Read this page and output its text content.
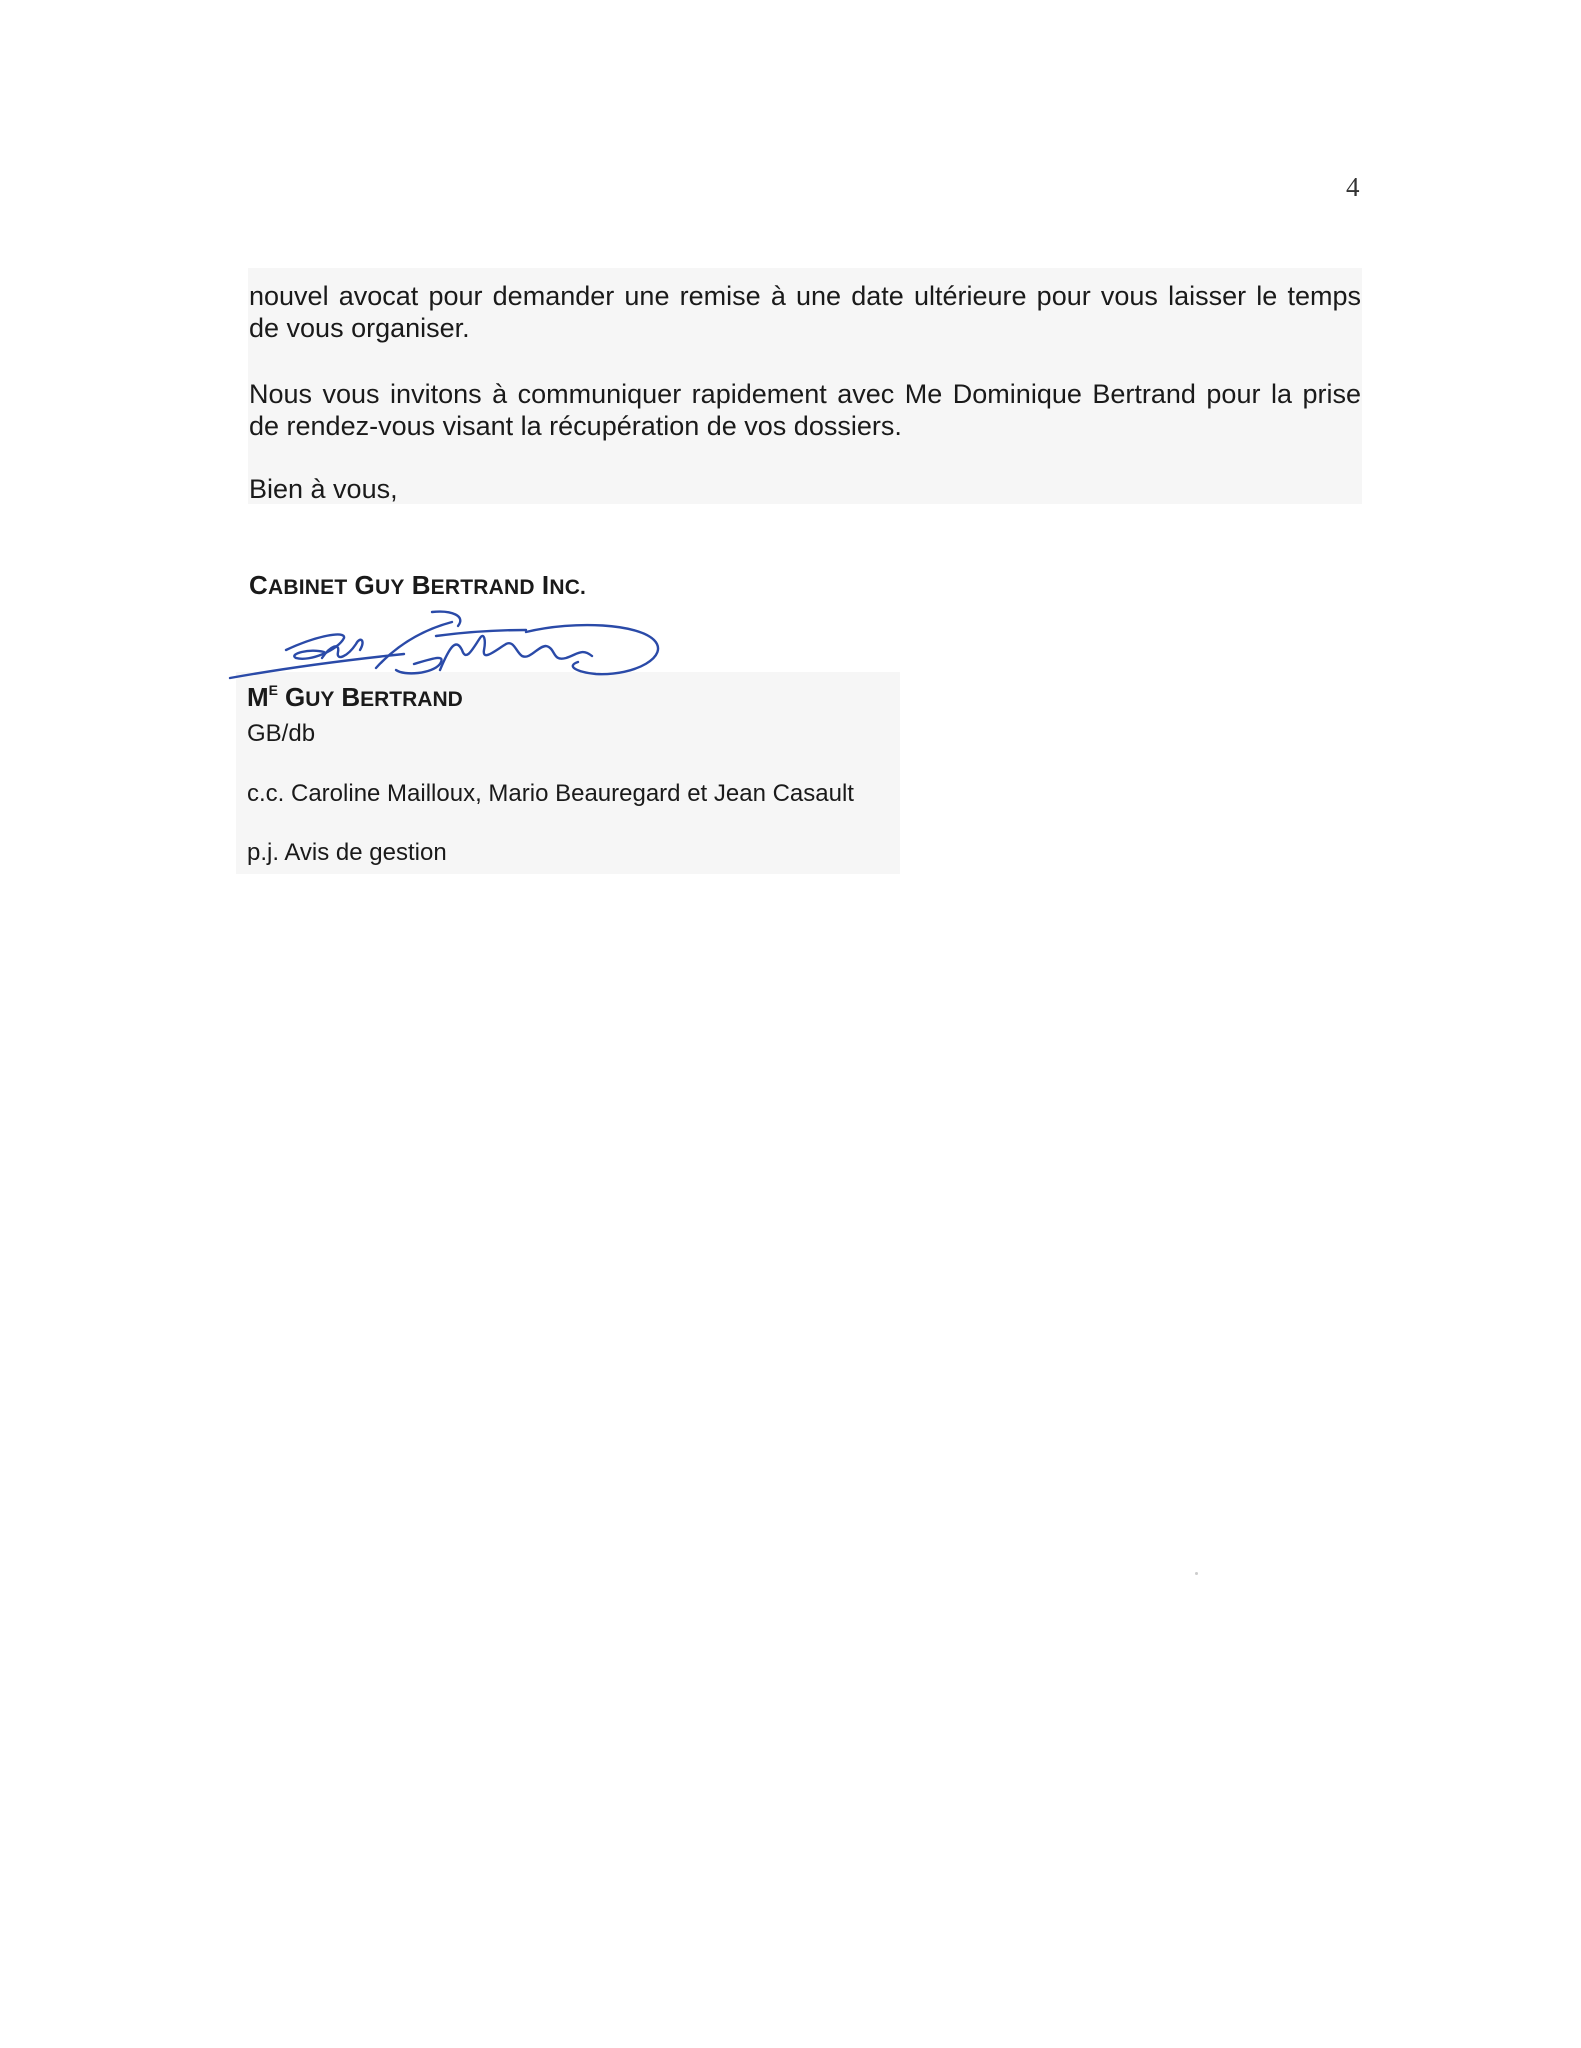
4

nouvel avocat pour demander une remise à une date ultérieure pour vous laisser le temps de vous organiser.

Nous vous invitons à communiquer rapidement avec Me Dominique Bertrand pour la prise de rendez-vous visant la récupération de vos dossiers.

Bien à vous,

CABINET GUY BERTRAND INC.
$M^E$ GUY BERTRAND
GB/db
c.c. Caroline Mailloux, Mario Beauregard et Jean Casault
p.j. Avis de gestion
